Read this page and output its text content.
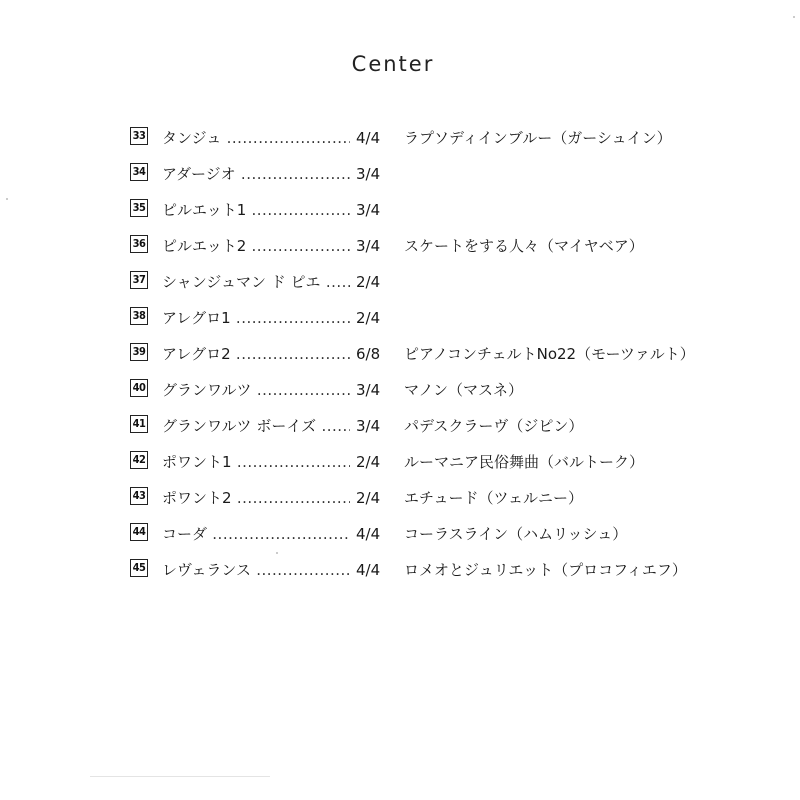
Center
33 タンジュ .....	4/4 ラプソディインブルー（ガーシュイン）
34 アダージオ .....	3/4
35 ピルエット1 .....	3/4
36 ピルエット2 .....	3/4 スケートをする人々（マイヤベア）
37 シャンジュマン ド ピエ .....	2/4
38 アレグロ1 .....	2/4
39 アレグロ2 .....	6/8 ピアノコンチェルトNo22（モーツァルト）
40 グランワルツ .....	3/4 マノン（マスネ）
41 グランワルツ ボーイズ .....	3/4 パデスクラーヴ（ジピン）
42 ポワント1 .....	2/4 ルーマニア民俗舞曲（バルトーク）
43 ポワント2 .....	2/4 エチュード（ツェルニー）
44 コーダ .....	4/4 コーラスライン（ハムリッシュ）
45 レヴェランス .....	4/4 ロメオとジュリエット（プロコフィエフ）
